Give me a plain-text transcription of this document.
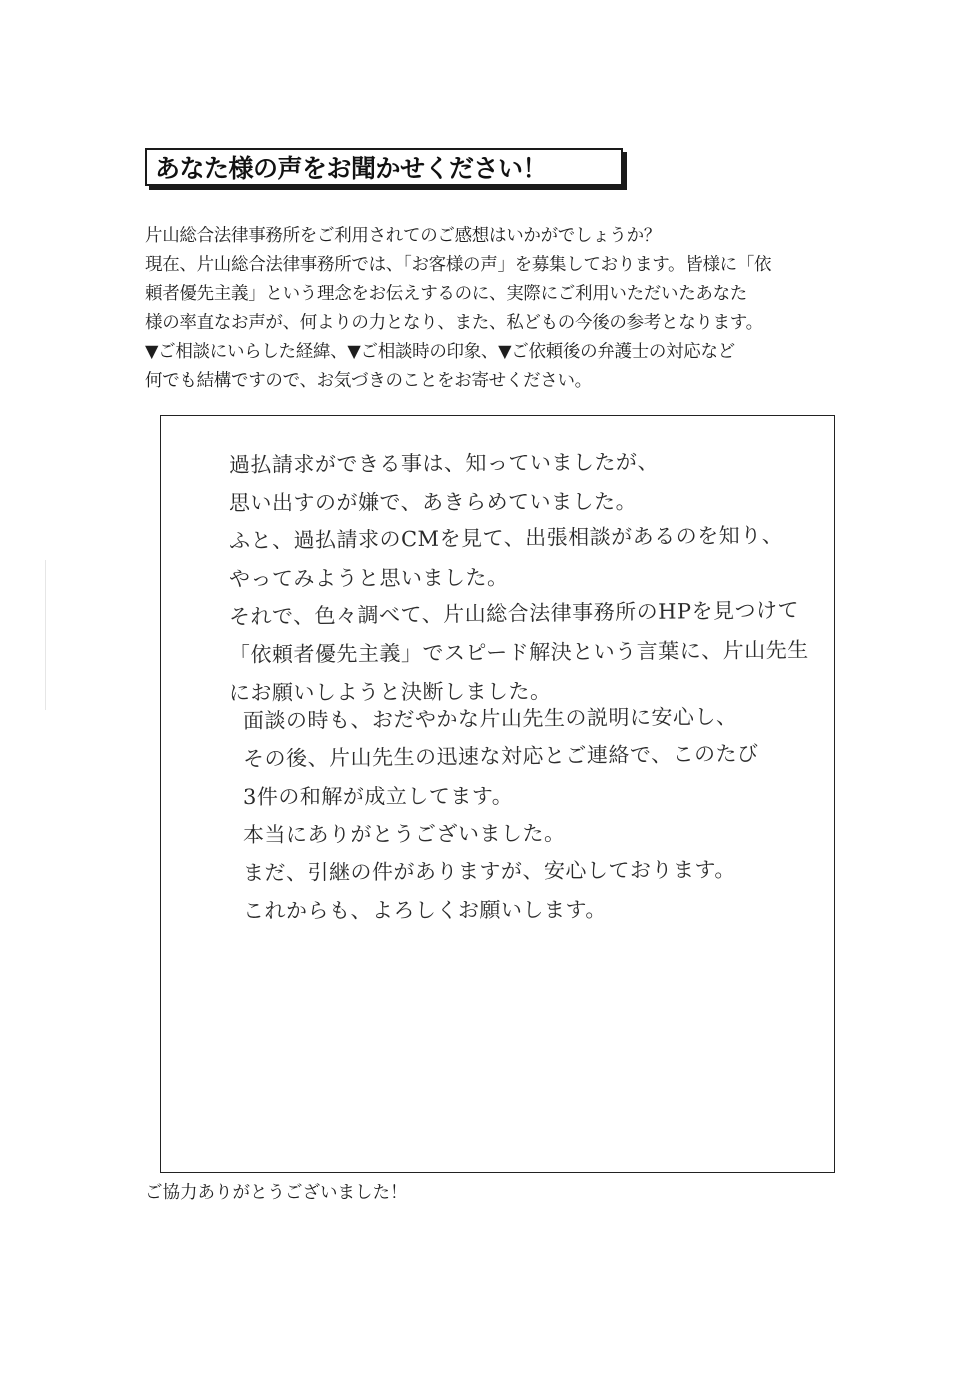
あなた様の声をお聞かせください！
片山総合法律事務所をご利用されてのご感想はいかがでしょうか？
現在、片山総合法律事務所では、「お客様の声」を募集しております。皆様に「依
頼者優先主義」という理念をお伝えするのに、実際にご利用いただいたあなた
様の率直なお声が、何よりの力となり、また、私どもの今後の参考となります。
▼ご相談にいらした経緯、▼ご相談時の印象、▼ご依頼後の弁護士の対応など
何でも結構ですので、お気づきのことをお寄せください。
過払請求ができる事は、知っていましたが、
思い出すのが嫌で、あきらめていました。
ふと、過払請求のCMを見て、出張相談があるのを知り、
やってみようと思いました。
それで、色々調べて、片山総合法律事務所のHPを見つけて
「依頼者優先主義」でスピード解決という言葉に、片山先生
にお願いしようと決断しました。
面談の時も、おだやかな片山先生の説明に安心し、
その後、片山先生の迅速な対応とご連絡で、このたび
3件の和解が成立してます。
本当にありがとうございました。
まだ、引継の件がありますが、安心しております。
これからも、よろしくお願いします。
ご協力ありがとうございました！
